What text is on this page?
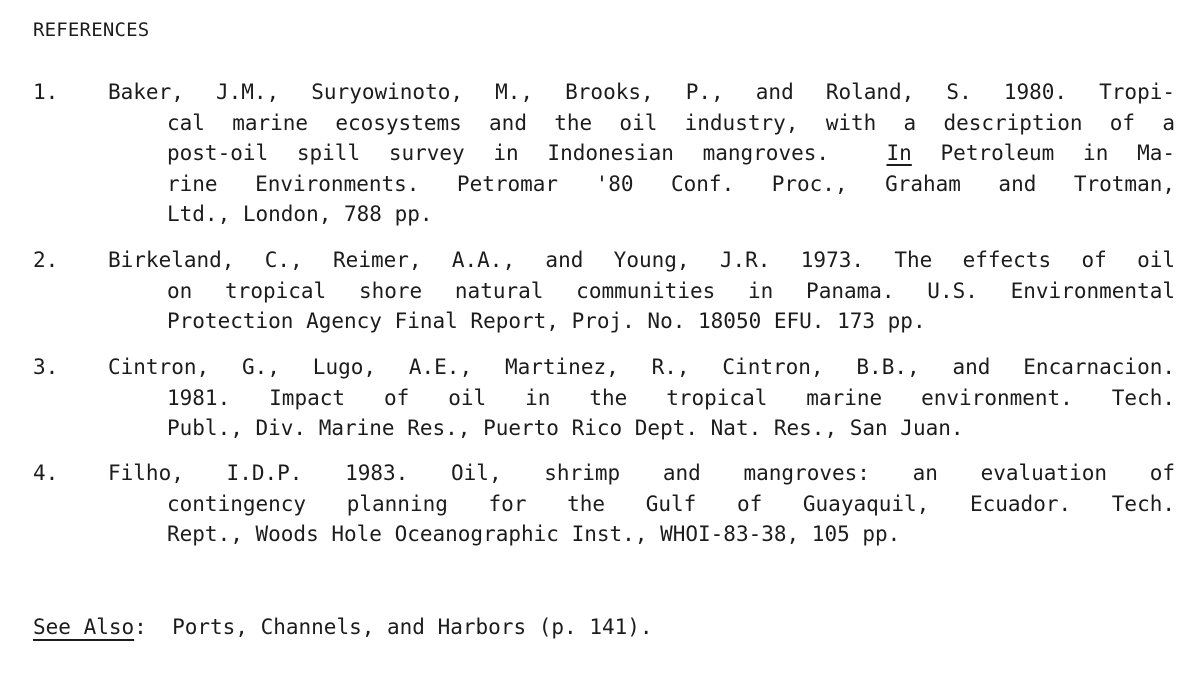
REFERENCES
1. Baker, J.M., Suryowinoto, M., Brooks, P., and Roland, S. 1980. Tropi-
cal marine ecosystems and the oil industry, with a description of a
post-oil spill survey in Indonesian mangroves.  In Petroleum in Ma-
rine Environments. Petromar '80 Conf. Proc., Graham and Trotman,
Ltd., London, 788 pp.
2. Birkeland, C., Reimer, A.A., and Young, J.R. 1973. The effects of oil
on tropical shore natural communities in Panama. U.S. Environmental
Protection Agency Final Report, Proj. No. 18050 EFU. 173 pp.
3. Cintron, G., Lugo, A.E., Martinez, R., Cintron, B.B., and Encarnacion.
1981. Impact of oil in the tropical marine environment. Tech.
Publ., Div. Marine Res., Puerto Rico Dept. Nat. Res., San Juan.
4. Filho, I.D.P. 1983. Oil, shrimp and mangroves: an evaluation of
contingency planning for the Gulf of Guayaquil, Ecuador. Tech.
Rept., Woods Hole Oceanographic Inst., WHOI-83-38, 105 pp.
See Also:  Ports, Channels, and Harbors (p. 141).
